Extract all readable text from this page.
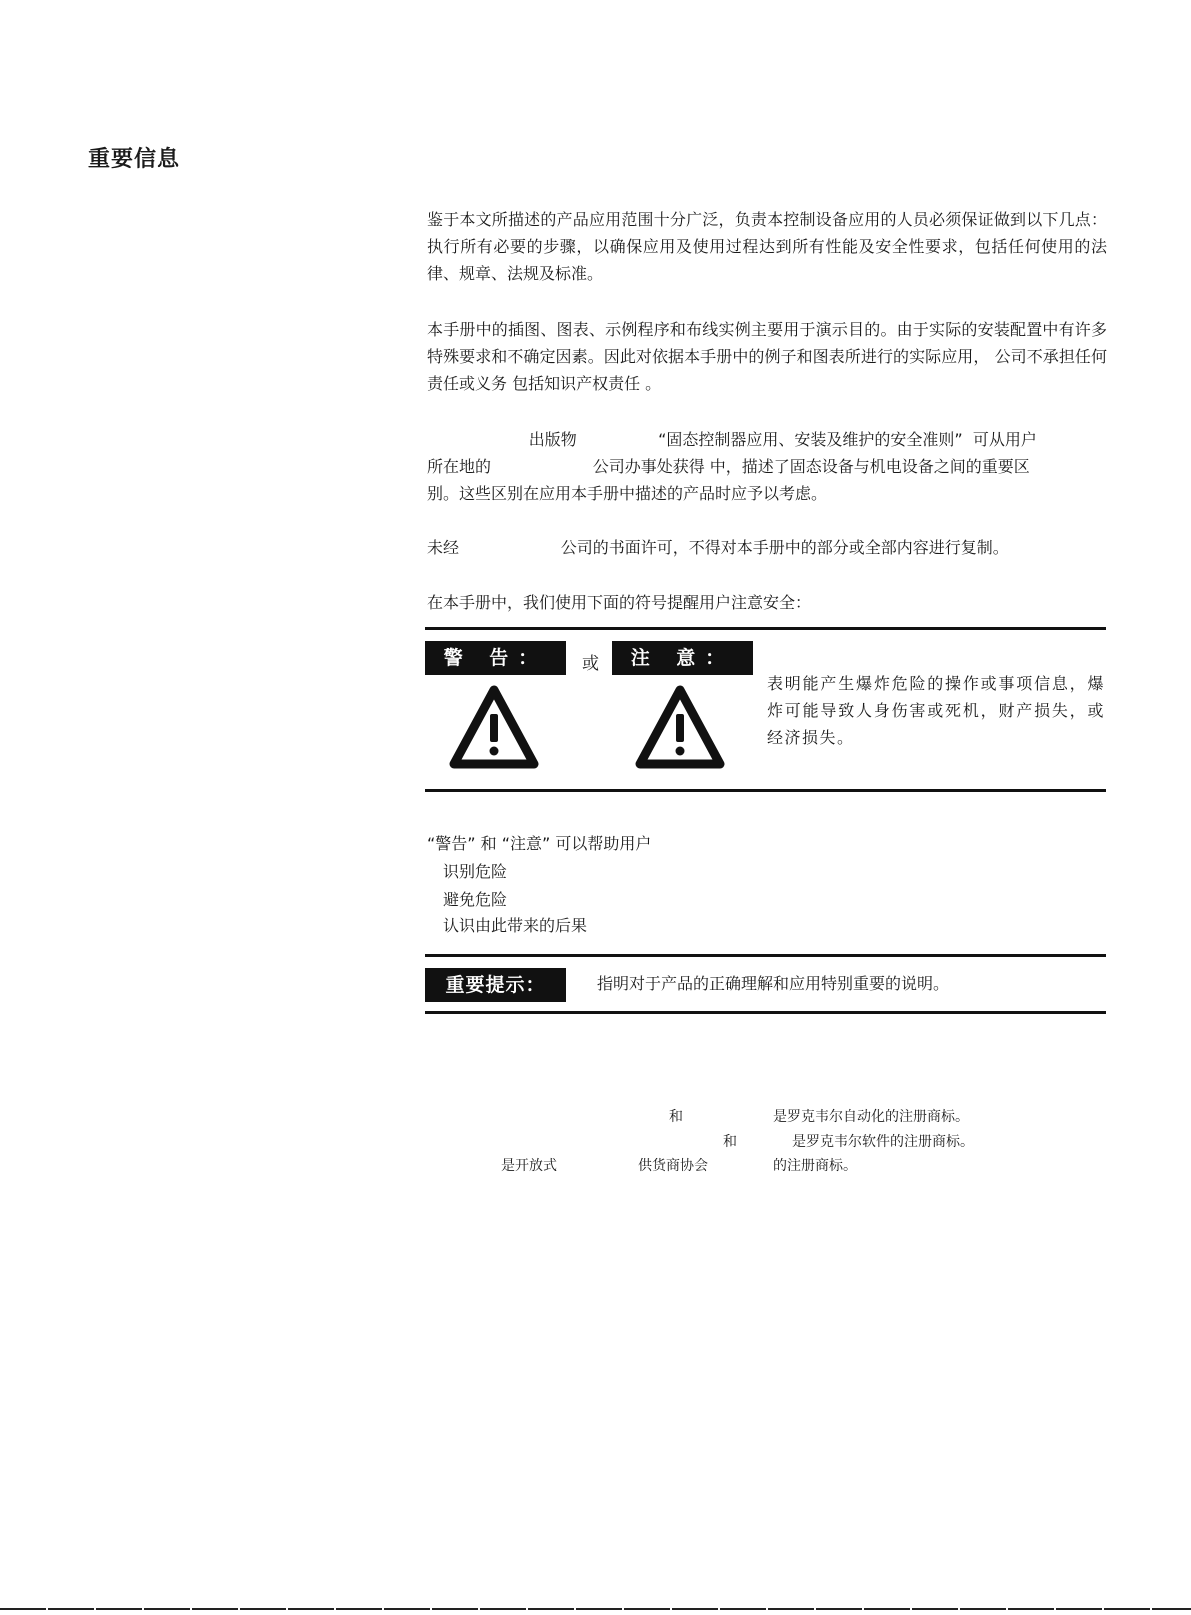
重要信息

鉴于本文所描述的产品应用范围十分广泛，负责本控制设备应用的人员必须保证做到以下几点：执行所有必要的步骤，以确保应用及使用过程达到所有性能及安全性要求，包括任何使用的法律、规章、法规及标准。

本手册中的插图、图表、示例程序和布线实例主要用于演示目的。由于实际的安装配置中有许多特殊要求和不确定因素。因此对依据本手册中的例子和图表所进行的实际应用， 公司不承担任何责任或义务 包括知识产权责任 。

出版物                “固态控制器应用、安装及维护的安全准则”  可从用户
所在地的                    公司办事处获得 中，描述了固态设备与机电设备之间的重要区
别。这些区别在应用本手册中描述的产品时应予以考虑。
未经                    公司的书面许可，不得对本手册中的部分或全部内容进行复制。
在本手册中，我们使用下面的符号提醒用户注意安全：
警 告：	或	注 意：

表明能产生爆炸危险的操作或事项信息，爆炸可能导致人身伤害或死机，财产损失，或经济损失。

“警告” 和 “注意” 可以帮助用户
识别危险
避免危险
认识由此带来的后果
重要提示：	指明对于产品的正确理解和应用特别重要的说明。
和	是罗克韦尔自动化的注册商标。
和	是罗克韦尔软件的注册商标。
是开放式	供货商协会	的注册商标。
